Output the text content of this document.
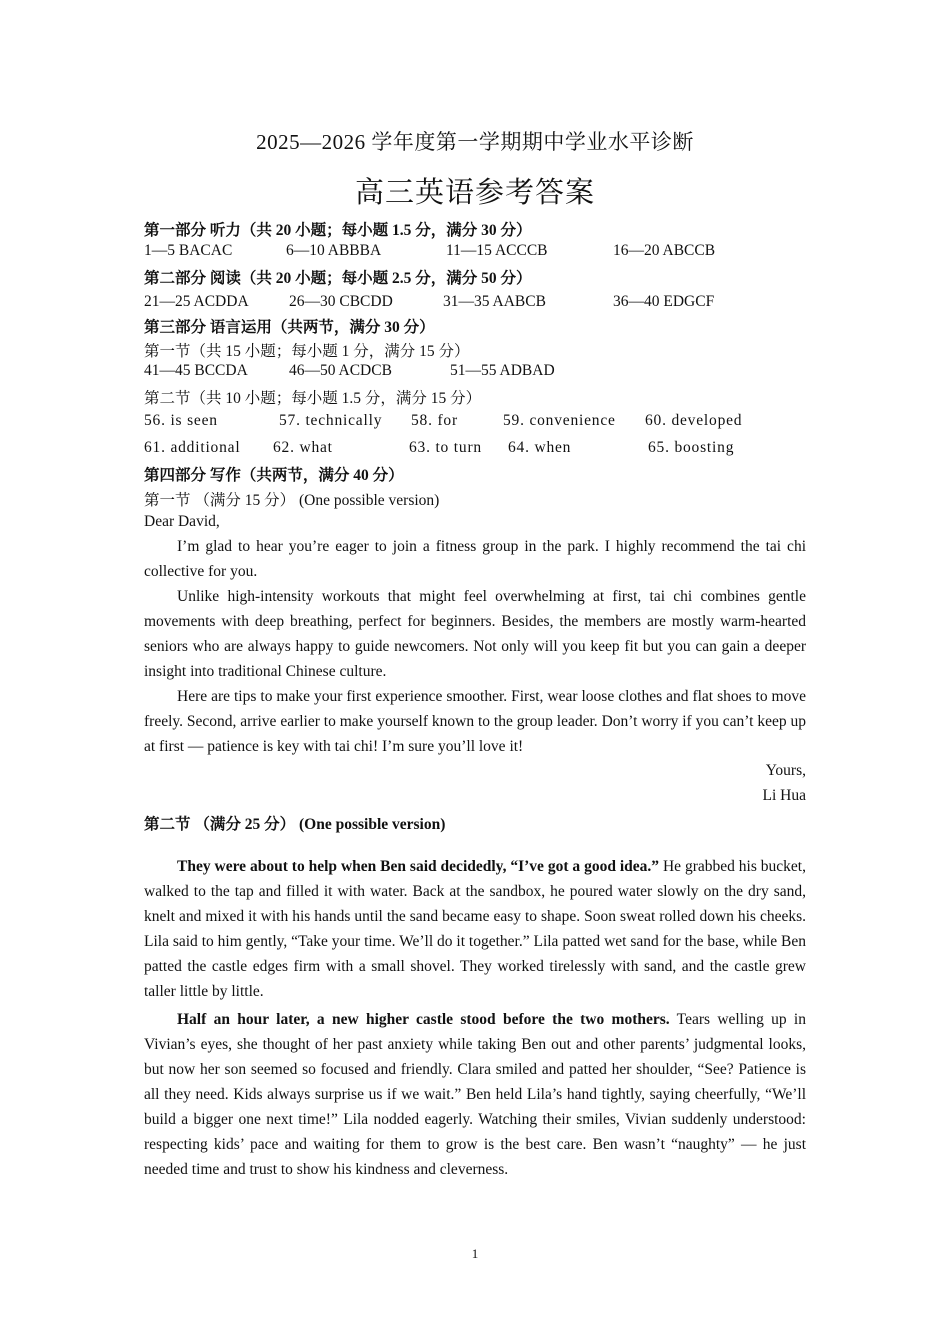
2025—2026 学年度第一学期期中学业水平诊断
高三英语参考答案
第一部分 听力（共 20 小题；每小题 1.5 分，满分 30 分）
1—5 BACAC	6—10 ABBBA	11—15 ACCCB	16—20 ABCCB
第二部分 阅读（共 20 小题；每小题 2.5 分，满分 50 分）
21—25 ACDDA	26—30 CBCDD	31—35 AABCB	36—40 EDGCF
第三部分 语言运用（共两节，满分 30 分）
第一节（共 15 小题；每小题 1 分，满分 15 分）
41—45 BCCDA	46—50 ACDCB	51—55 ADBAD
第二节（共 10 小题；每小题 1.5 分，满分 15 分）
56. is seen	57. technically 58. for	59. convenience 60. developed
61. additional 62. what	63. to turn 64. when	65. boosting
第四部分 写作（共两节，满分 40 分）
第一节 （满分 15 分） (One possible version)
Dear David,
I’m glad to hear you’re eager to join a fitness group in the park. I highly recommend the tai chi collective for you.
Unlike high-intensity workouts that might feel overwhelming at first, tai chi combines gentle movements with deep breathing, perfect for beginners. Besides, the members are mostly warm-hearted seniors who are always happy to guide newcomers. Not only will you keep fit but you can gain a deeper insight into traditional Chinese culture.
Here are tips to make your first experience smoother. First, wear loose clothes and flat shoes to move freely. Second, arrive earlier to make yourself known to the group leader. Don’t worry if you can’t keep up at first — patience is key with tai chi! I’m sure you’ll love it!
Yours,
Li Hua
第二节 （满分 25 分） (One possible version)
They were about to help when Ben said decidedly, “I’ve got a good idea.” He grabbed his bucket, walked to the tap and filled it with water. Back at the sandbox, he poured water slowly on the dry sand, knelt and mixed it with his hands until the sand became easy to shape. Soon sweat rolled down his cheeks. Lila said to him gently, “Take your time. We’ll do it together.” Lila patted wet sand for the base, while Ben patted the castle edges firm with a small shovel. They worked tirelessly with sand, and the castle grew taller little by little.
Half an hour later, a new higher castle stood before the two mothers. Tears welling up in Vivian’s eyes, she thought of her past anxiety while taking Ben out and other parents’ judgmental looks, but now her son seemed so focused and friendly. Clara smiled and patted her shoulder, “See? Patience is all they need. Kids always surprise us if we wait.” Ben held Lila’s hand tightly, saying cheerfully, “We’ll build a bigger one next time!” Lila nodded eagerly. Watching their smiles, Vivian suddenly understood: respecting kids’ pace and waiting for them to grow is the best care. Ben wasn’t “naughty” — he just needed time and trust to show his kindness and cleverness.
1
